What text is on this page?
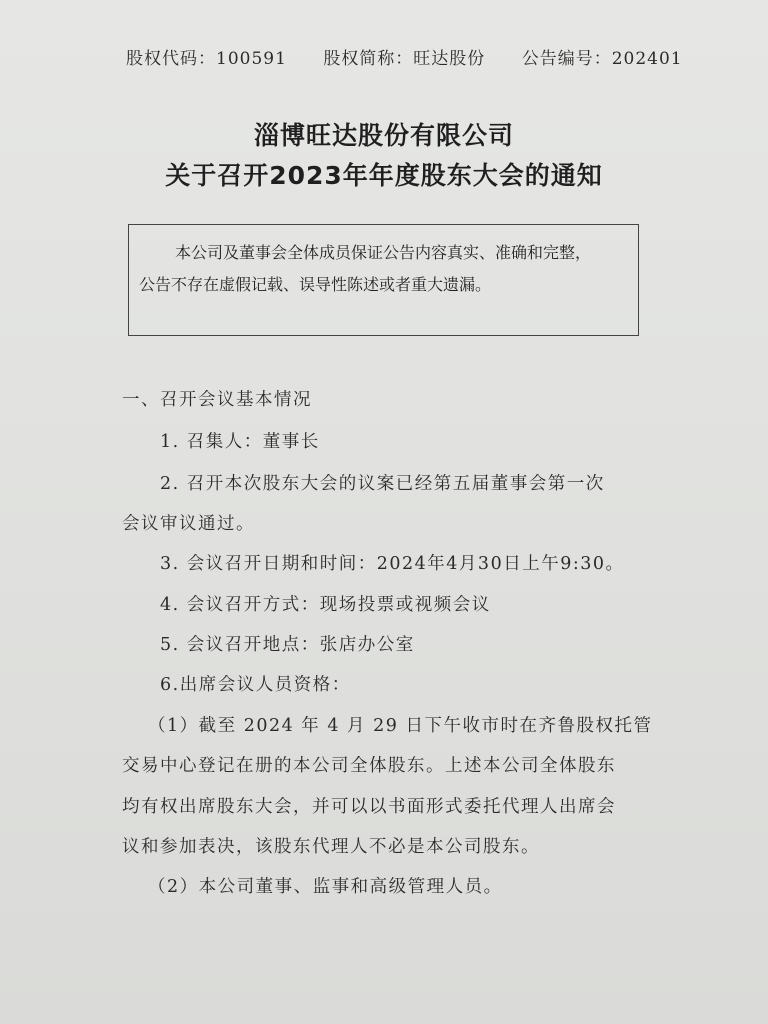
股权代码：100591 股权简称：旺达股份 公告编号：202401
淄博旺达股份有限公司
关于召开2023年年度股东大会的通知

本公司及董事会全体成员保证公告内容真实、准确和完整，

公告不存在虚假记载、误导性陈述或者重大遗漏。

一、召开会议基本情况
1. 召集人：董事长
2. 召开本次股东大会的议案已经第五届董事会第一次
会议审议通过。
3. 会议召开日期和时间：2024年4月30日上午9:30。
4. 会议召开方式：现场投票或视频会议
5. 会议召开地点：张店办公室
6.出席会议人员资格：
（1）截至 2024 年 4 月 29 日下午收市时在齐鲁股权托管
交易中心登记在册的本公司全体股东。上述本公司全体股东
均有权出席股东大会，并可以以书面形式委托代理人出席会
议和参加表决，该股东代理人不必是本公司股东。
（2）本公司董事、监事和高级管理人员。
